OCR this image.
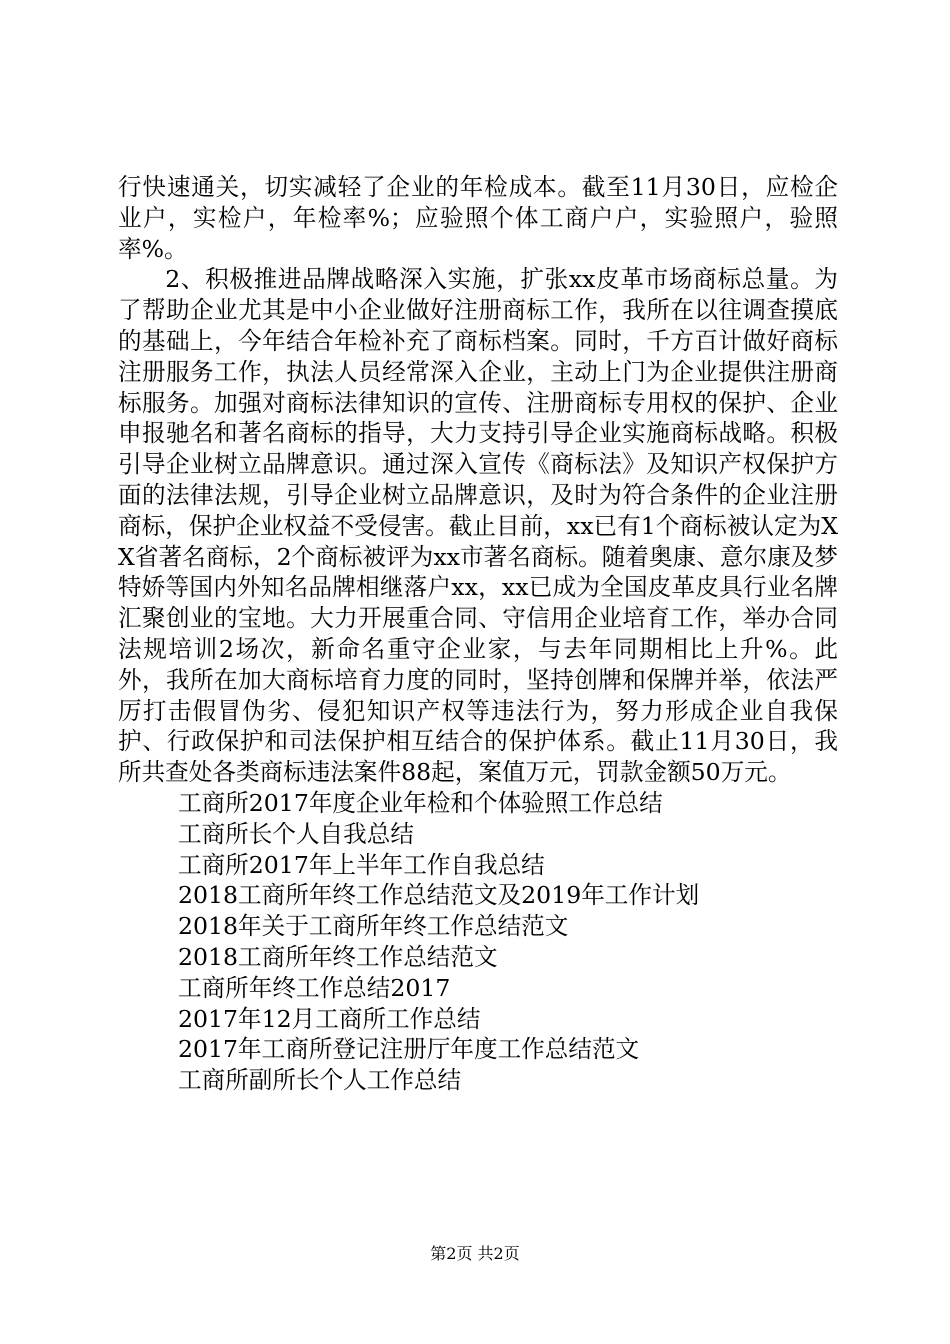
行快速通关，切实减轻了企业的年检成本。截至11月30日，应检企业户，实检户，年检率%；应验照个体工商户户，实验照户，验照率%。

2、积极推进品牌战略深入实施，扩张xx皮革市场商标总量。为了帮助企业尤其是中小企业做好注册商标工作，我所在以往调查摸底的基础上，今年结合年检补充了商标档案。同时，千方百计做好商标注册服务工作，执法人员经常深入企业，主动上门为企业提供注册商标服务。加强对商标法律知识的宣传、注册商标专用权的保护、企业申报驰名和著名商标的指导，大力支持引导企业实施商标战略。积极引导企业树立品牌意识。通过深入宣传《商标法》及知识产权保护方面的法律法规，引导企业树立品牌意识，及时为符合条件的企业注册商标，保护企业权益不受侵害。截止目前，xx已有1个商标被认定为XX省著名商标，2个商标被评为xx市著名商标。随着奥康、意尔康及梦特娇等国内外知名品牌相继落户xx，xx已成为全国皮革皮具行业名牌汇聚创业的宝地。大力开展重合同、守信用企业培育工作，举办合同法规培训2场次，新命名重守企业家，与去年同期相比上升%。此外，我所在加大商标培育力度的同时，坚持创牌和保牌并举，依法严厉打击假冒伪劣、侵犯知识产权等违法行为，努力形成企业自我保护、行政保护和司法保护相互结合的保护体系。截止11月30日，我所共查处各类商标违法案件88起，案值万元，罚款金额50万元。

工商所2017年度企业年检和个体验照工作总结
工商所长个人自我总结
工商所2017年上半年工作自我总结
2018工商所年终工作总结范文及2019年工作计划
2018年关于工商所年终工作总结范文
2018工商所年终工作总结范文
工商所年终工作总结2017
2017年12月工商所工作总结
2017年工商所登记注册厅年度工作总结范文
工商所副所长个人工作总结
第2页 共2页
